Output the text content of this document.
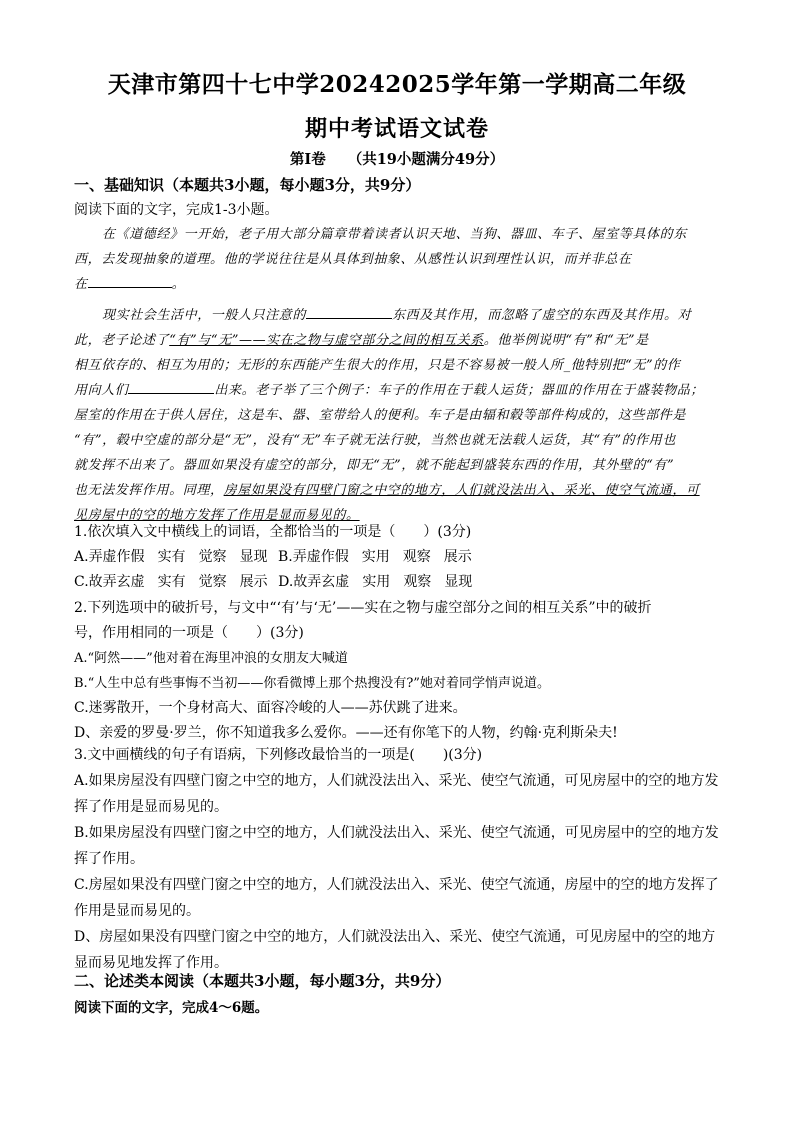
天津市第四十七中学20242025学年第一学期高二年级
期中考试语文试卷
第Ⅰ卷 （共19小题满分49分）
一、基础知识（本题共3小题，每小题3分，共9分）
阅读下面的文字，完成1-3小题。
在《道德经》一开始，老子用大部分篇章带着读者认识天地、当狗、器皿、车子、屋室等具体的东
西，去发现抽象的道理。他的学说往往是从具体到抽象、从感性认识到理性认识，而并非总在
在	。
现实社会生活中，一般人只注意的	东西及其作用，而忽略了虚空的东西及其作用。对
此，老子论述了“有”与“无”——实在之物与虚空部分之间的相互关系。他举例说明“有”和“无”是
相互依存的、相互为用的；无形的东西能产生很大的作用，只是不容易被一般人所_他特别把“无”的作
用向人们	出来。老子举了三个例子：车子的作用在于载人运货；器皿的作用在于盛装物品；
屋室的作用在于供人居住，这是车、器、室带给人的便利。车子是由辐和毂等部件构成的，这些部件是
“有”，毂中空虚的部分是“无”，没有“无”车子就无法行驶，当然也就无法载人运货，其“有”的作用也
就发挥不出来了。器皿如果没有虚空的部分，即无“无”，就不能起到盛装东西的作用，其外壁的“有”
也无法发挥作用。同理，房屋如果没有四壁门窗之中空的地方，人们就没法出入、采光、使空气流通，可
见房屋中的空的地方发挥了作用是显而易见的。
1.依次填入文中横线上的词语，全都恰当的一项是（　　）(3分)
A.弄虚作假 实有 觉察 显现 B.弄虚作假 实用 观察 展示
C.故弄玄虚 实有 觉察 展示 D.故弄玄虚 实用 观察 显现
2.下列选项中的破折号，与文中“‘有’与‘无’——实在之物与虚空部分之间的相互关系”中的破折
号，作用相同的一项是（　　）(3分)
A.“阿然——”他对着在海里冲浪的女朋友大喊道
B.“人生中总有些事悔不当初——你看微博上那个热搜没有?”她对着同学悄声说道。
C.迷雾散开，一个身材高大、面容冷峻的人——苏伏跳了进来。
D、亲爱的罗曼·罗兰，你不知道我多么爱你。——还有你笔下的人物，约翰·克利斯朵夫!
3.文中画横线的句子有语病，下列修改最恰当的一项是(　　)(3分)
A.如果房屋没有四壁门窗之中空的地方，人们就没法出入、采光、使空气流通，可见房屋中的空的地方发
挥了作用是显而易见的。
B.如果房屋没有四壁门窗之中空的地方，人们就没法出入、采光、使空气流通，可见房屋中的空的地方发
挥了作用。
C.房屋如果没有四壁门窗之中空的地方，人们就没法出入、采光、使空气流通，房屋中的空的地方发挥了
作用是显而易见的。
D、房屋如果没有四壁门窗之中空的地方，人们就没法出入、采光、使空气流通，可见房屋中的空的地方
显而易见地发挥了作用。
二、论述类本阅读（本题共3小题，每小题3分，共9分）
阅读下面的文字，完成4～6题。
